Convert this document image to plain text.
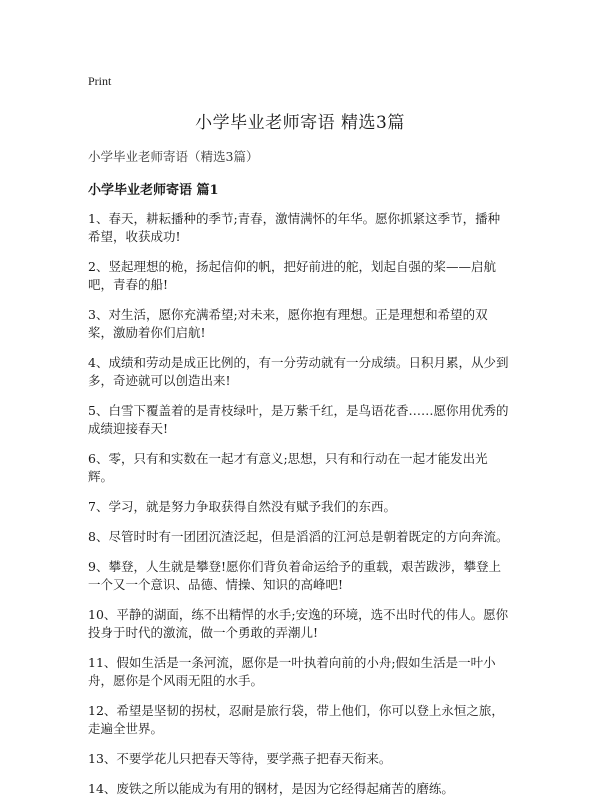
Print
小学毕业老师寄语 精选3篇
小学毕业老师寄语（精选3篇）
小学毕业老师寄语 篇1

1、春天，耕耘播种的季节;青春，激情满怀的年华。愿你抓紧这季节，播种希望，收获成功!

2、竖起理想的桅，扬起信仰的帆，把好前进的舵，划起自强的桨——启航吧，青春的船!

3、对生活，愿你充满希望;对未来，愿你抱有理想。正是理想和希望的双桨，激励着你们启航!

4、成绩和劳动是成正比例的，有一分劳动就有一分成绩。日积月累，从少到多，奇迹就可以创造出来!

5、白雪下覆盖着的是青枝绿叶，是万紫千红，是鸟语花香……愿你用优秀的成绩迎接春天!

6、零，只有和实数在一起才有意义;思想，只有和行动在一起才能发出光辉。

7、学习，就是努力争取获得自然没有赋予我们的东西。

8、尽管时时有一团团沉渣泛起，但是滔滔的江河总是朝着既定的方向奔流。

9、攀登，人生就是攀登!愿你们背负着命运给予的重载，艰苦跋涉，攀登上一个又一个意识、品德、情操、知识的高峰吧!

10、平静的湖面，练不出精悍的水手;安逸的环境，选不出时代的伟人。愿你投身于时代的激流，做一个勇敢的弄潮儿!

11、假如生活是一条河流，愿你是一叶执着向前的小舟;假如生活是一叶小舟，愿你是个风雨无阻的水手。

12、希望是坚韧的拐杖，忍耐是旅行袋，带上他们，你可以登上永恒之旅，走遍全世界。

13、不要学花儿只把春天等待，要学燕子把春天衔来。

14、废铁之所以能成为有用的钢材，是因为它经得起痛苦的磨练。
